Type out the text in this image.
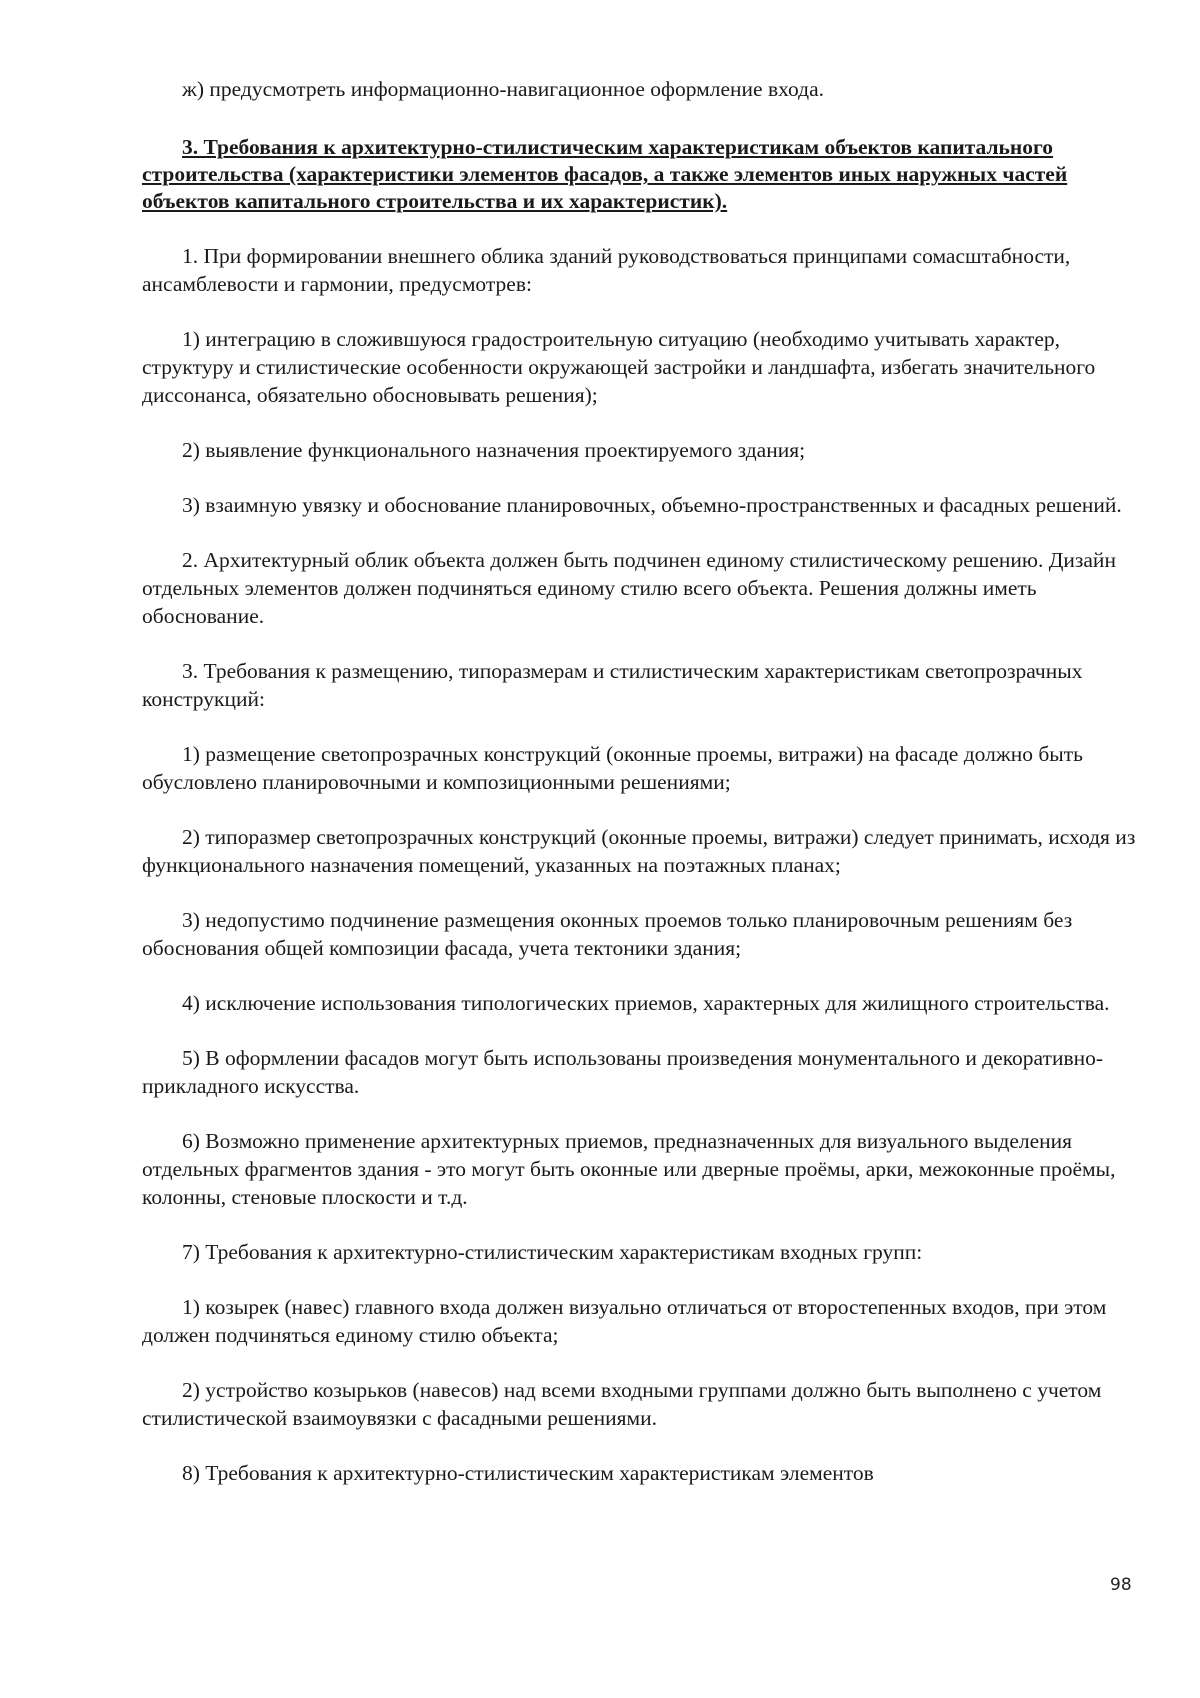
ж) предусмотреть информационно-навигационное оформление входа.

3. Требования к архитектурно-стилистическим характеристикам объектов капитального строительства (характеристики элементов фасадов, а также элементов иных наружных частей объектов капитального строительства и их характеристик).

1. При формировании внешнего облика зданий руководствоваться принципами сомасштабности, ансамблевости и гармонии, предусмотрев:

1) интеграцию в сложившуюся градостроительную ситуацию (необходимо учитывать характер, структуру и стилистические особенности окружающей застройки и ландшафта, избегать значительного диссонанса, обязательно обосновывать решения);

2) выявление функционального назначения проектируемого здания;

3) взаимную увязку и обоснование планировочных, объемно-пространственных и фасадных решений.

2. Архитектурный облик объекта должен быть подчинен единому стилистическому решению. Дизайн отдельных элементов должен подчиняться единому стилю всего объекта. Решения должны иметь обоснование.

3. Требования к размещению, типоразмерам и стилистическим характеристикам светопрозрачных конструкций:

1) размещение светопрозрачных конструкций (оконные проемы, витражи) на фасаде должно быть обусловлено планировочными и композиционными решениями;

2) типоразмер светопрозрачных конструкций (оконные проемы, витражи) следует принимать, исходя из функционального назначения помещений, указанных на поэтажных планах;

3) недопустимо подчинение размещения оконных проемов только планировочным решениям без обоснования общей композиции фасада, учета тектоники здания;

4) исключение использования типологических приемов, характерных для жилищного строительства.

5) В оформлении фасадов могут быть использованы произведения монументального и декоративно-прикладного искусства.

6) Возможно применение архитектурных приемов, предназначенных для визуального выделения отдельных фрагментов здания - это могут быть оконные или дверные проёмы, арки, межоконные проёмы, колонны, стеновые плоскости и т.д.

7) Требования к архитектурно-стилистическим характеристикам входных групп:

1) козырек (навес) главного входа должен визуально отличаться от второстепенных входов, при этом должен подчиняться единому стилю объекта;

2) устройство козырьков (навесов) над всеми входными группами должно быть выполнено с учетом стилистической взаимоувязки с фасадными решениями.

8) Требования к архитектурно-стилистическим характеристикам элементов

98
